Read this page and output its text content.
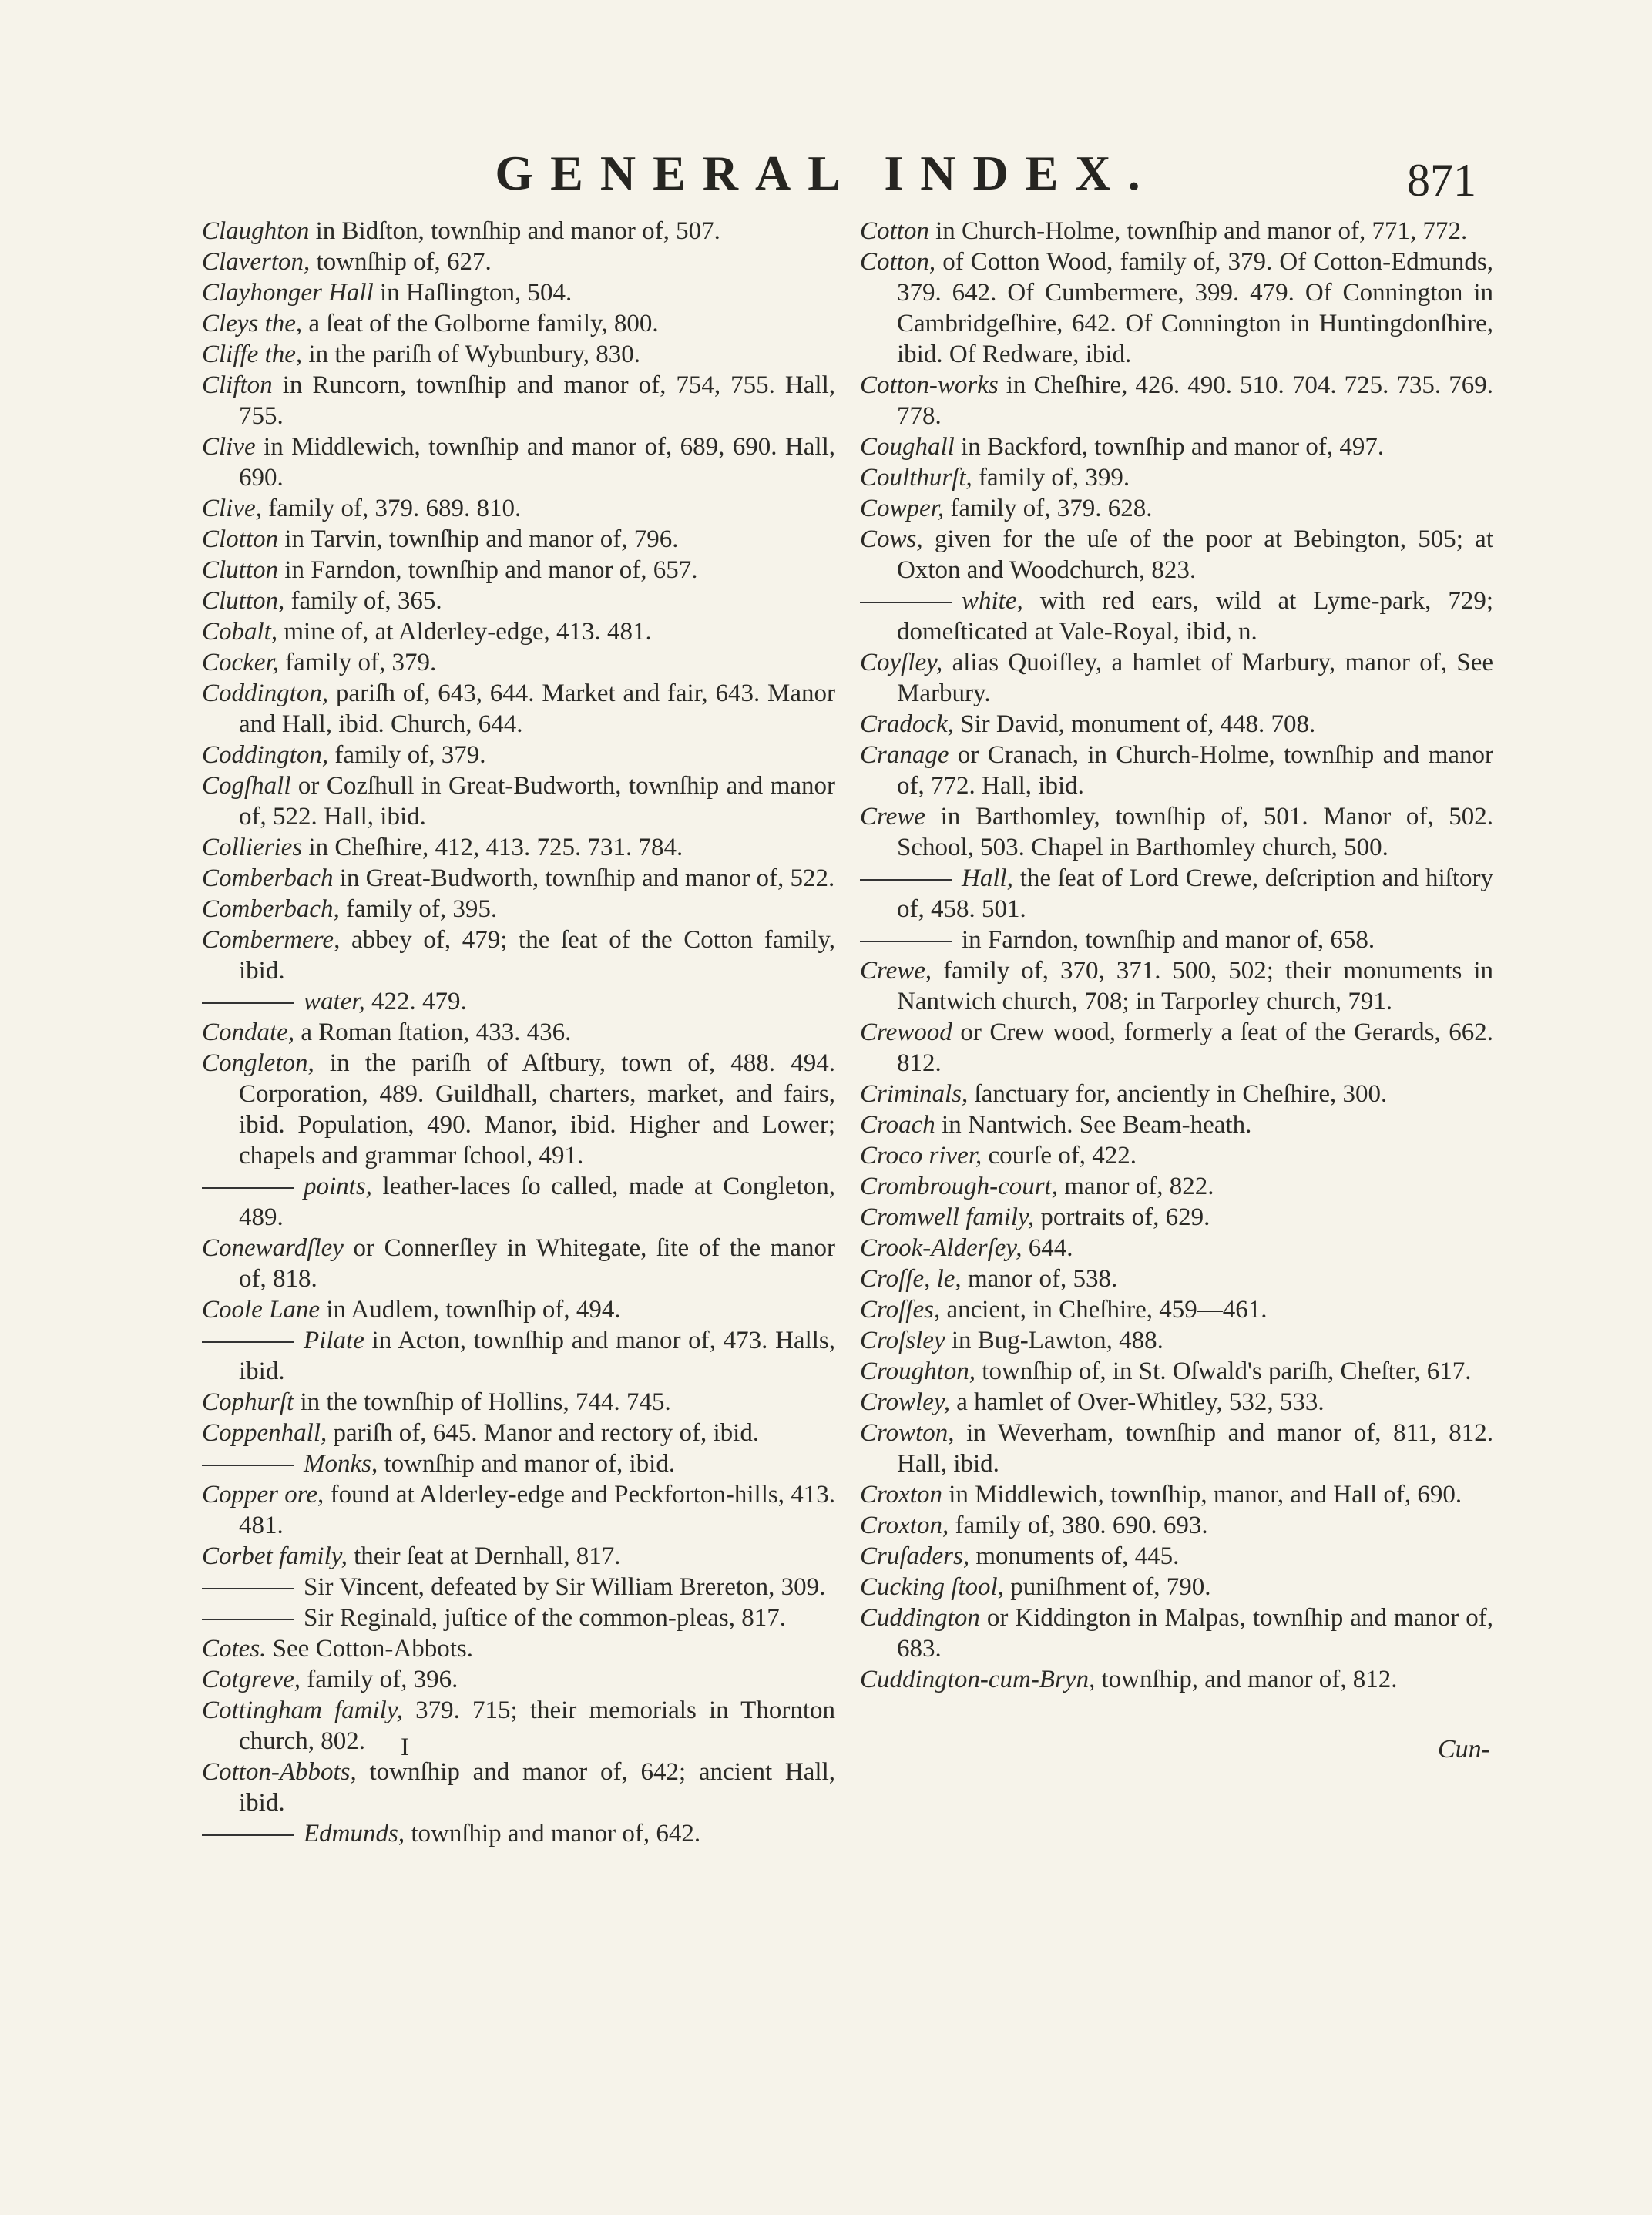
GENERAL INDEX.	871

Claughton in Bidſton, townſhip and manor of, 507.

Claverton, townſhip of, 627.

Clayhonger Hall in Haſlington, 504.

Cleys the, a ſeat of the Golborne family, 800.

Cliffe the, in the pariſh of Wybunbury, 830.

Clifton in Runcorn, townſhip and manor of, 754, 755. Hall, 755.

Clive in Middlewich, townſhip and manor of, 689, 690. Hall, 690.

Clive, family of, 379. 689. 810.

Clotton in Tarvin, townſhip and manor of, 796.

Clutton in Farndon, townſhip and manor of, 657.

Clutton, family of, 365.

Cobalt, mine of, at Alderley-edge, 413. 481.

Cocker, family of, 379.

Coddington, pariſh of, 643, 644. Market and fair, 643. Manor and Hall, ibid. Church, 644.

Coddington, family of, 379.

Cogſhall or Cozſhull in Great-Budworth, townſhip and manor of, 522. Hall, ibid.

Collieries in Cheſhire, 412, 413. 725. 731. 784.

Comberbach in Great-Budworth, townſhip and manor of, 522.

Comberbach, family of, 395.

Combermere, abbey of, 479; the ſeat of the Cotton family, ibid.

water, 422. 479.

Condate, a Roman ſtation, 433. 436.

Congleton, in the pariſh of Aſtbury, town of, 488. 494. Corporation, 489. Guildhall, charters, market, and fairs, ibid. Population, 490. Manor, ibid. Higher and Lower; chapels and grammar ſchool, 491.

points, leather-laces ſo called, made at Congleton, 489.

Conewardſley or Connerſley in Whitegate, ſite of the manor of, 818.

Coole Lane in Audlem, townſhip of, 494.

Pilate in Acton, townſhip and manor of, 473. Halls, ibid.

Cophurſt in the townſhip of Hollins, 744. 745.

Coppenhall, pariſh of, 645. Manor and rectory of, ibid.

Monks, townſhip and manor of, ibid.

Copper ore, found at Alderley-edge and Peckforton-hills, 413. 481.

Corbet family, their ſeat at Dernhall, 817.

Sir Vincent, defeated by Sir William Brereton, 309.

Sir Reginald, juſtice of the common-pleas, 817.

Cotes. See Cotton-Abbots.

Cotgreve, family of, 396.

Cottingham family, 379. 715; their memorials in Thornton church, 802.

Cotton-Abbots, townſhip and manor of, 642; ancient Hall, ibid.

Edmunds, townſhip and manor of, 642.

Cotton in Church-Holme, townſhip and manor of, 771, 772.

Cotton, of Cotton Wood, family of, 379. Of Cotton-Edmunds, 379. 642. Of Cumbermere, 399. 479. Of Connington in Cambridgeſhire, 642. Of Connington in Huntingdonſhire, ibid. Of Redware, ibid.

Cotton-works in Cheſhire, 426. 490. 510. 704. 725. 735. 769. 778.

Coughall in Backford, townſhip and manor of, 497.

Coulthurſt, family of, 399.

Cowper, family of, 379. 628.

Cows, given for the uſe of the poor at Bebington, 505; at Oxton and Woodchurch, 823.

white, with red ears, wild at Lyme-park, 729; domeſticated at Vale-Royal, ibid, n.

Coyſley, alias Quoiſley, a hamlet of Marbury, manor of, See Marbury.

Cradock, Sir David, monument of, 448. 708.

Cranage or Cranach, in Church-Holme, townſhip and manor of, 772. Hall, ibid.

Crewe in Barthomley, townſhip of, 501. Manor of, 502. School, 503. Chapel in Barthomley church, 500.

Hall, the ſeat of Lord Crewe, deſcription and hiſtory of, 458. 501.

in Farndon, townſhip and manor of, 658.

Crewe, family of, 370, 371. 500, 502; their monuments in Nantwich church, 708; in Tarporley church, 791.

Crewood or Crew wood, formerly a ſeat of the Gerards, 662. 812.

Criminals, ſanctuary for, anciently in Cheſhire, 300.

Croach in Nantwich. See Beam-heath.

Croco river, courſe of, 422.

Crombrough-court, manor of, 822.

Cromwell family, portraits of, 629.

Crook-Alderſey, 644.

Croſſe, le, manor of, 538.

Croſſes, ancient, in Cheſhire, 459—461.

Croſsley in Bug-Lawton, 488.

Croughton, townſhip of, in St. Oſwald's pariſh, Cheſter, 617.

Crowley, a hamlet of Over-Whitley, 532, 533.

Crowton, in Weverham, townſhip and manor of, 811, 812. Hall, ibid.

Croxton in Middlewich, townſhip, manor, and Hall of, 690.

Croxton, family of, 380. 690. 693.

Cruſaders, monuments of, 445.

Cucking ſtool, puniſhment of, 790.

Cuddington or Kiddington in Malpas, townſhip and manor of, 683.

Cuddington-cum-Bryn, townſhip, and manor of, 812.

I	Cun-
